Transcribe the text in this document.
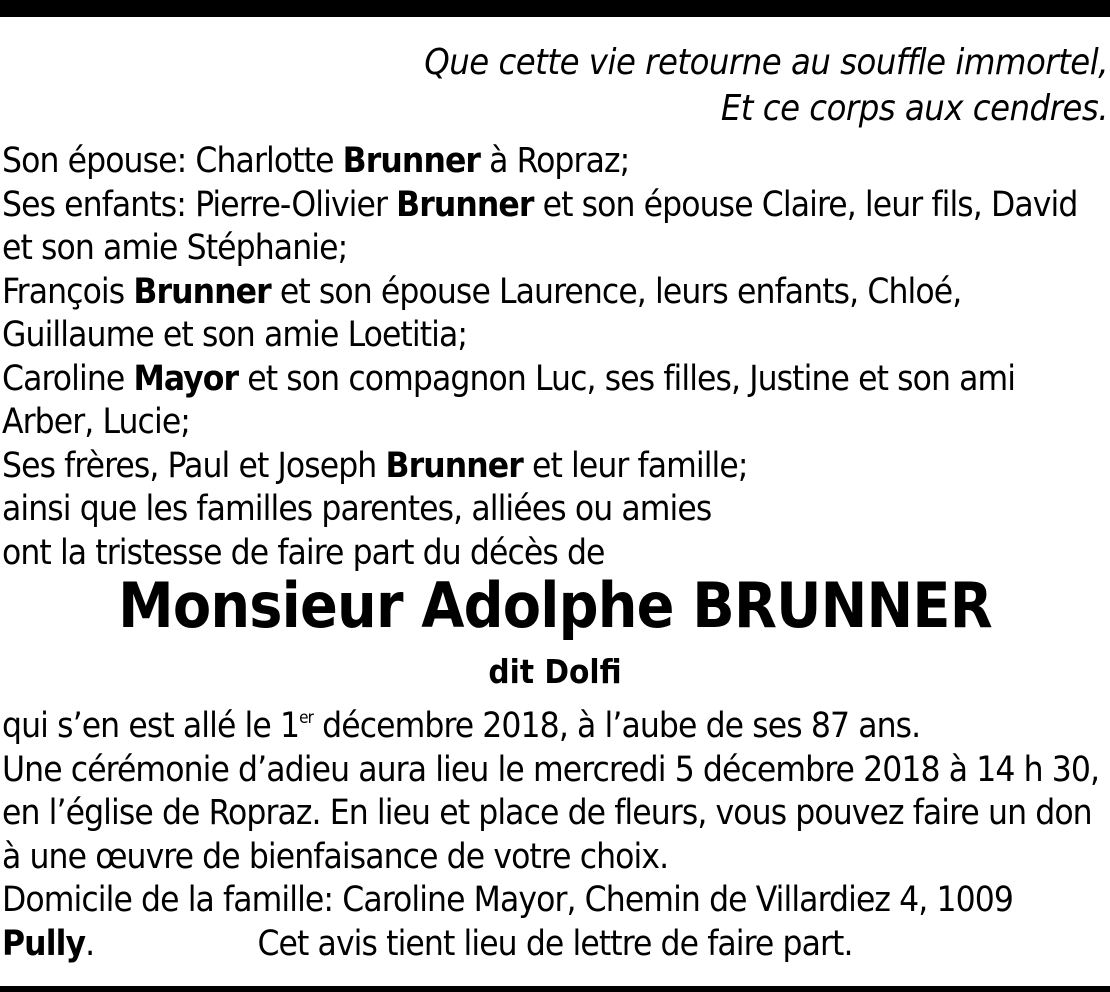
Que cette vie retourne au souffle immortel,
Et ce corps aux cendres.

Son épouse: Charlotte Brunner à Ropraz;

Ses enfants: Pierre-Olivier Brunner et son épouse Claire, leur fils, David et son amie Stéphanie;

François Brunner et son épouse Laurence, leurs enfants, Chloé, Guillaume et son amie Loetitia;

Caroline Mayor et son compagnon Luc, ses filles, Justine et son ami Arber, Lucie;

Ses frères, Paul et Joseph Brunner et leur famille;

ainsi que les familles parentes, alliées ou amies

ont la tristesse de faire part du décès de

Monsieur Adolphe BRUNNER
dit Dolfi

qui s’en est allé le 1er décembre 2018, à l’aube de ses 87 ans.

Une cérémonie d’adieu aura lieu le mercredi 5 décembre 2018 à 14 h 30, en l’église de Ropraz. En lieu et place de fleurs, vous pouvez faire un don à une œuvre de bienfaisance de votre choix.

Domicile de la famille: Caroline Mayor, Chemin de Villardiez 4, 1009 Pully.	Cet avis tient lieu de lettre de faire part.
